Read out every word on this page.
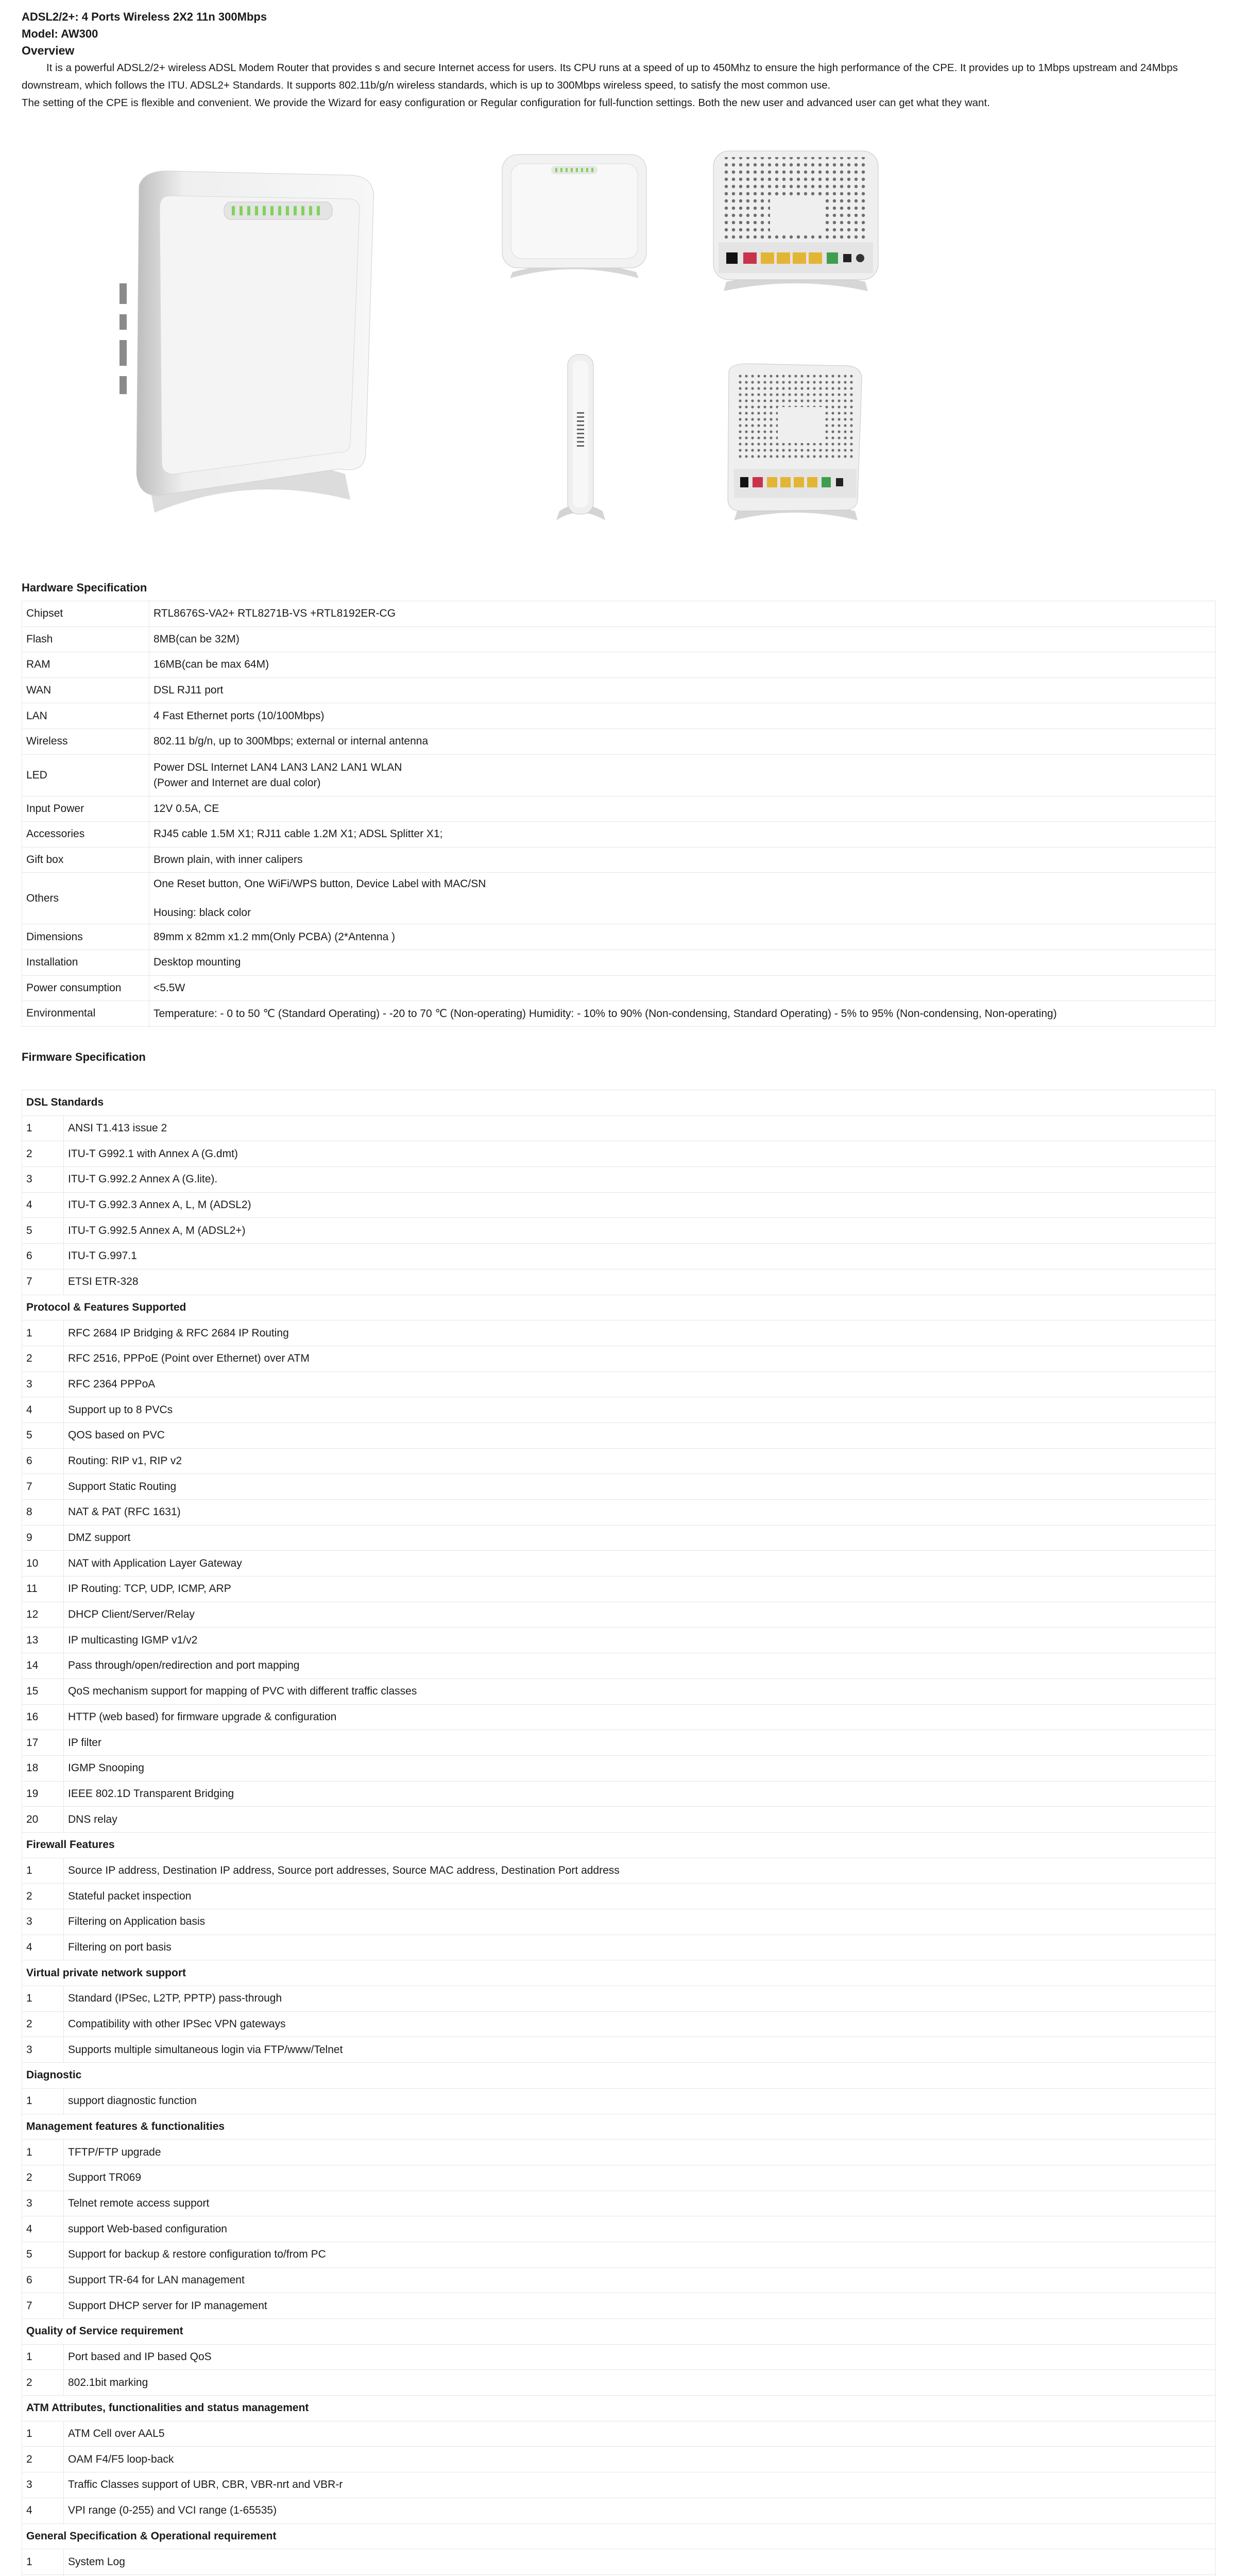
ADSL2/2+: 4 Ports Wireless 2X2 11n 300Mbps
Model: AW300
Overview

It is a powerful ADSL2/2+ wireless ADSL Modem Router that provides s and secure Internet access for users. Its CPU runs at a speed of up to 450Mhz to ensure the high performance of the CPE. It provides up to 1Mbps upstream and 24Mbps downstream, which follows the ITU. ADSL2+ Standards. It supports 802.11b/g/n wireless standards, which is up to 300Mbps wireless speed, to satisfy the most common use.

The setting of the CPE is flexible and convenient. We provide the Wizard for easy configuration or Regular configuration for full-function settings. Both the new user and advanced user can get what they want.

Hardware Specification
Chipset	RTL8676S-VA2+ RTL8271B-VS +RTL8192ER-CG

Flash	8MB(can be 32M)

RAM	16MB(can be max 64M)

WAN	DSL RJ11 port

LAN	4 Fast Ethernet ports (10/100Mbps)

Wireless	802.11 b/g/n, up to 300Mbps; external or internal antenna

LED	Power DSL Internet LAN4 LAN3 LAN2 LAN1 WLAN
(Power and Internet are dual color)

Input Power	12V 0.5A, CE

Accessories	RJ45 cable 1.5M X1; RJ11 cable 1.2M X1; ADSL Splitter X1;

Gift box	Brown plain, with inner calipers

Others	One Reset button, One WiFi/WPS button, Device Label with MAC/SN
Housing: black color

Dimensions	89mm x 82mm x1.2 mm(Only PCBA) (2*Antenna )

Installation	Desktop mounting

Power consumption	<5.5W

Environmental	Temperature: - 0 to 50 ℃ (Standard Operating) - -20 to 70 ℃ (Non-operating) Humidity: - 10% to 90% (Non-condensing, Standard Operating) - 5% to 95% (Non-condensing, Non-operating)
Firmware Specification
DSL Standards	
1	ANSI T1.413 issue 2
2	ITU-T G992.1 with Annex A (G.dmt)
3	ITU-T G.992.2 Annex A (G.lite).
4	ITU-T G.992.3 Annex A, L, M (ADSL2)
5	ITU-T G.992.5 Annex A, M (ADSL2+)
6	ITU-T G.997.1
7	ETSI ETR-328
Protocol & Features Supported	
1	RFC 2684 IP Bridging & RFC 2684 IP Routing
2	RFC 2516, PPPoE (Point over Ethernet) over ATM
3	RFC 2364 PPPoA
4	Support up to 8 PVCs
5	QOS based on PVC
6	Routing: RIP v1, RIP v2
7	Support Static Routing
8	NAT & PAT (RFC 1631)
9	DMZ support
10	NAT with Application Layer Gateway
11	IP Routing: TCP, UDP, ICMP, ARP
12	DHCP Client/Server/Relay
13	IP multicasting IGMP v1/v2
14	Pass through/open/redirection and port mapping
15	QoS mechanism support for mapping of PVC with different traffic classes
16	HTTP (web based) for firmware upgrade & configuration
17	IP filter
18	IGMP Snooping
19	IEEE 802.1D Transparent Bridging
20	DNS relay
Firewall Features	
1	Source IP address, Destination IP address, Source port addresses, Source MAC address, Destination Port address
2	Stateful packet inspection
3	Filtering on Application basis
4	Filtering on port basis
Virtual private network support	
1	Standard (IPSec, L2TP, PPTP) pass-through
2	Compatibility with other IPSec VPN gateways
3	Supports multiple simultaneous login via FTP/www/Telnet
Diagnostic	
1	support diagnostic function
Management features & functionalities	
1	TFTP/FTP upgrade
2	Support TR069
3	Telnet remote access support
4	support Web-based configuration
5	Support for backup & restore configuration to/from PC
6	Support TR-64 for LAN management
7	Support DHCP server for IP management
Quality of Service requirement	
1	Port based and IP based QoS
2	802.1bit marking
ATM Attributes, functionalities and status management	
1	ATM Cell over AAL5
2	OAM F4/F5 loop-back
3	Traffic Classes support of UBR, CBR, VBR-nrt and VBR-r
4	VPI range (0-255) and VCI range (1-65535)
General Specification & Operational requirement	
1	System Log
